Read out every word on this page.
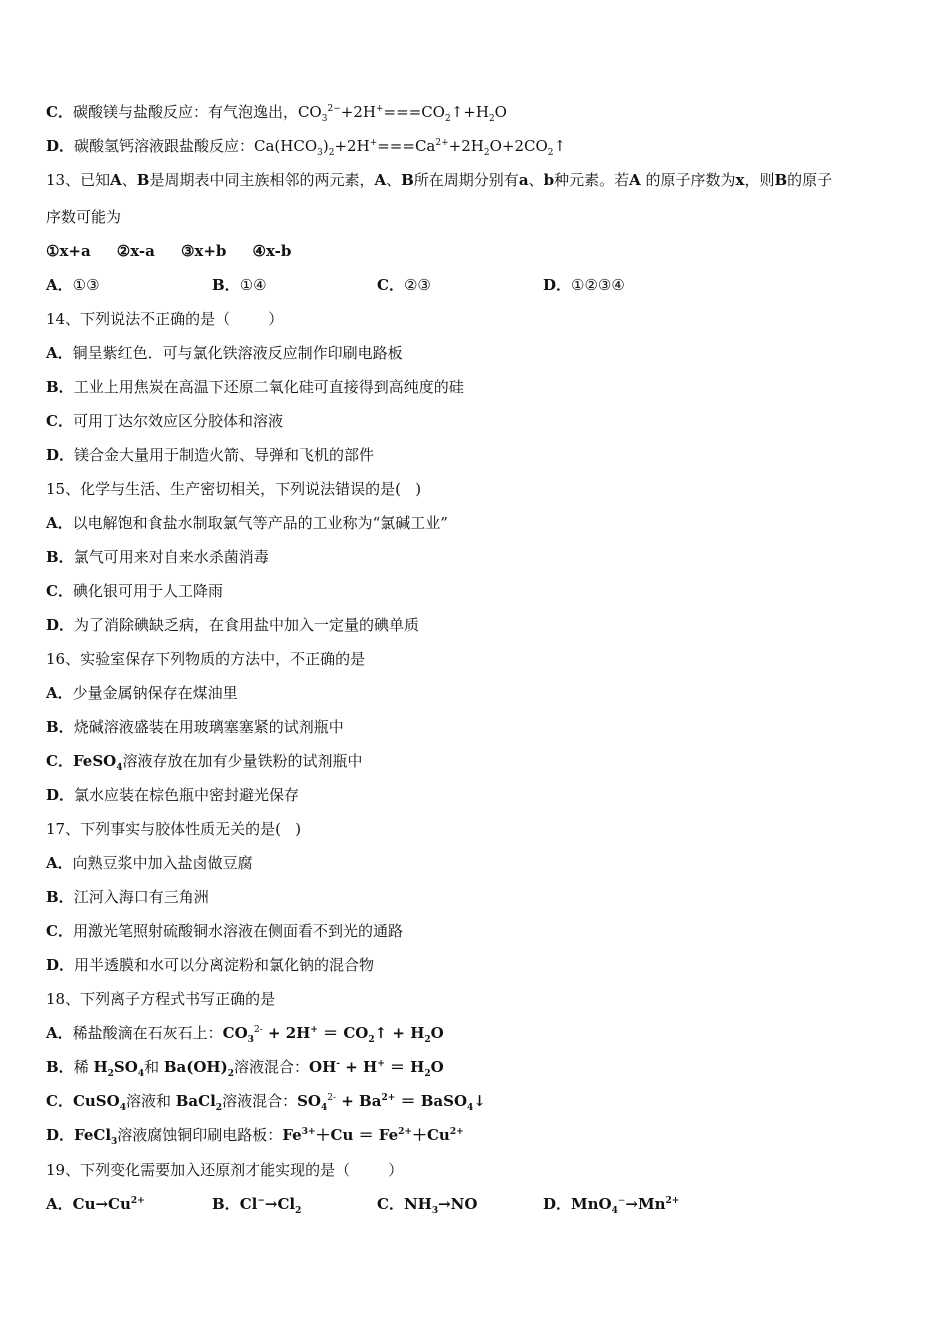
C．碳酸镁与盐酸反应：有气泡逸出，$CO_3^{2-}+2H^+===CO_2↑+H_2O$
D．碳酸氢钙溶液跟盐酸反应：$Ca(HCO_3)_2+2H^+===Ca^{2+}+2H_2O+2CO_2↑$
13、已知A、B是周期表中同主族相邻的两元素，A、B所在周期分别有a、b种元素。若A 的原子序数为x，则B的原子
序数可能为
①x+a     ②x-a     ③x+b     ④x-b
A．①③	B．①④	C．②③	D．①②③④
14、下列说法不正确的是（        ）
A．铜呈紫红色．可与氯化铁溶液反应制作印刷电路板
B．工业上用焦炭在高温下还原二氧化硅可直接得到高纯度的硅
C．可用丁达尔效应区分胶体和溶液
D．镁合金大量用于制造火箭、导弹和飞机的部件
15、化学与生活、生产密切相关，下列说法错误的是(   )
A．以电解饱和食盐水制取氯气等产品的工业称为“氯碱工业”
B．氯气可用来对自来水杀菌消毒
C．碘化银可用于人工降雨
D．为了消除碘缺乏病，在食用盐中加入一定量的碘单质
16、实验室保存下列物质的方法中，不正确的是
A．少量金属钠保存在煤油里
B．烧碱溶液盛装在用玻璃塞塞紧的试剂瓶中
C．FeSO$_4$溶液存放在加有少量铁粉的试剂瓶中
D．氯水应装在棕色瓶中密封避光保存
17、下列事实与胶体性质无关的是(   )
A．向熟豆浆中加入盐卤做豆腐
B．江河入海口有三角洲
C．用激光笔照射硫酸铜水溶液在侧面看不到光的通路
D．用半透膜和水可以分离淀粉和氯化钠的混合物
18、下列离子方程式书写正确的是
A．稀盐酸滴在石灰石上：$CO_3^{2-} + 2H^+$ ＝ $CO_2↑ + H_2O$
B．稀 $H_2SO_4$和 $Ba(OH)_2$溶液混合：$OH^- + H^+ = H_2O$
C．CuSO$_4$溶液和 BaCl$_2$溶液混合：$SO_4^{2-} + Ba^{2+}$ ＝ BaSO$_4$↓
D．FeCl$_3$溶液腐蚀铜印刷电路板：$Fe^{3+}+Cu = Fe^{2+}+Cu^{2+}$
19、下列变化需要加入还原剂才能实现的是（        ）
A．$Cu\to Cu^{2+}$	B．$Cl^-\to Cl_2$	C．$NH_3\to NO$	D．$MnO_4^-\to Mn^{2+}$
